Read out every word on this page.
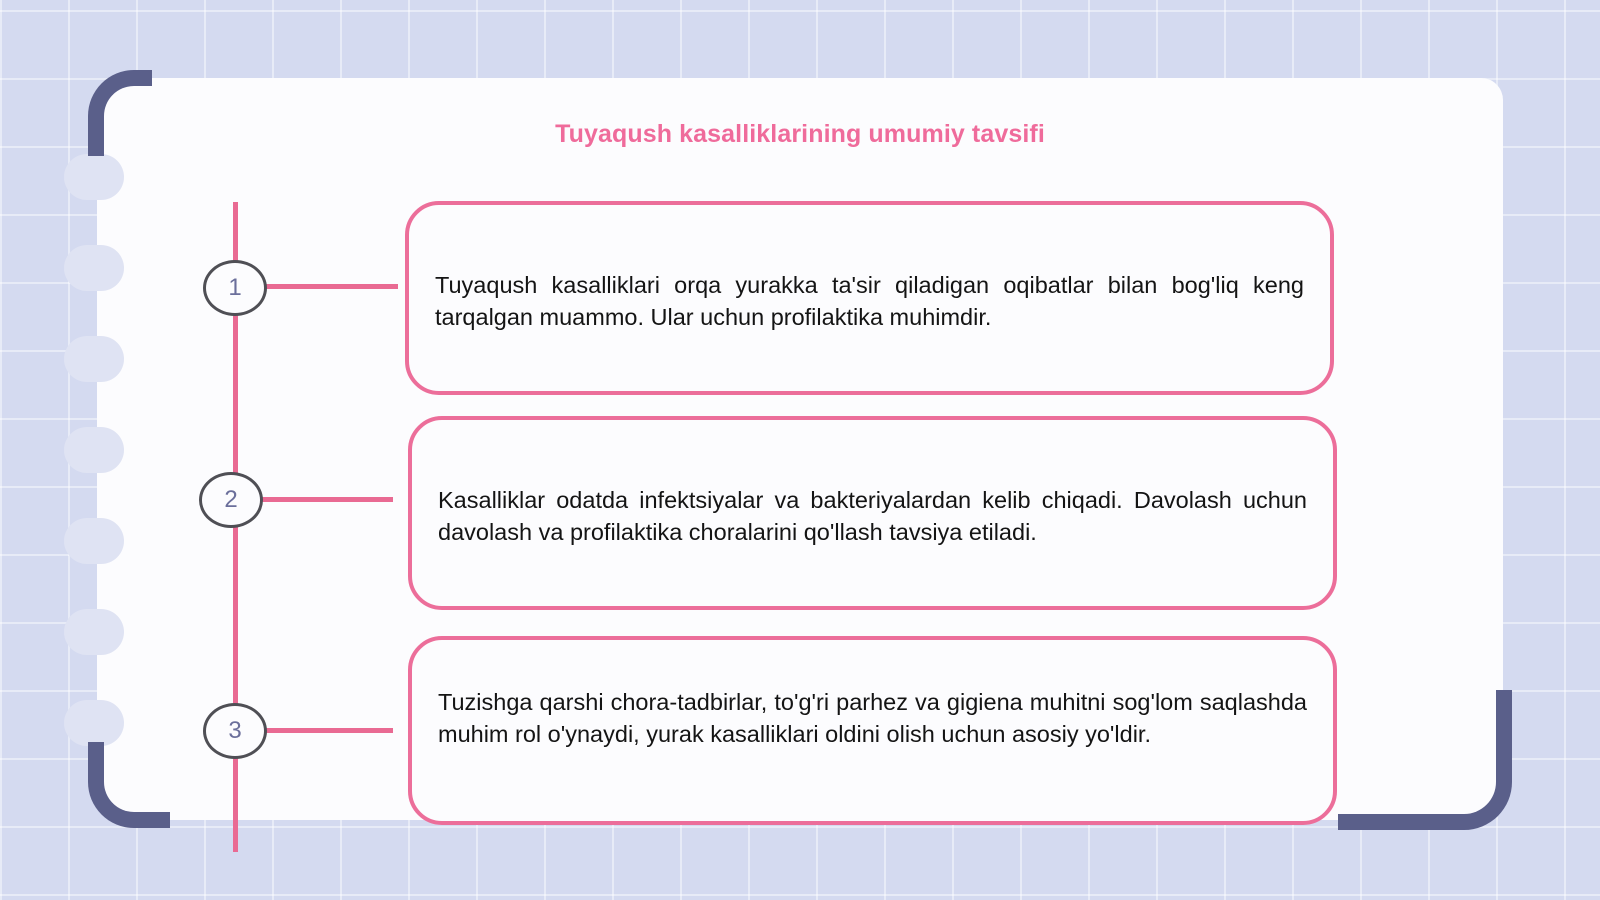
Tuyaqush kasalliklarining umumiy tavsifi
1	Tuyaqush kasalliklari orqa yurakka ta'sir qiladigan oqibatlar bilan bog'liq keng tarqalgan muammo. Ular uchun profilaktika muhimdir.
2	Kasalliklar odatda infektsiyalar va bakteriyalardan kelib chiqadi. Davolash uchun davolash va profilaktika choralarini qo'llash tavsiya etiladi.
3
Tuzishga qarshi chora-tadbirlar, to'g'ri parhez va gigiena muhitni sog'lom saqlashda muhim rol o'ynaydi, yurak kasalliklari oldini olish uchun asosiy yo'ldir.
